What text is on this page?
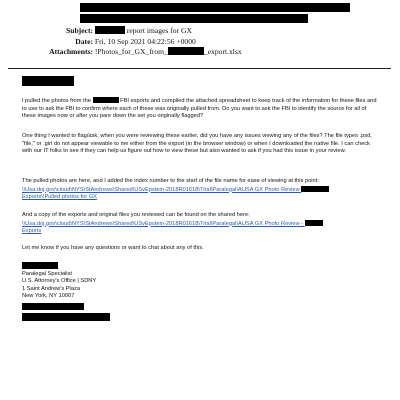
Subject:	report images for GX
Date: Fri, 10 Sep 2021 04:22:56 +0000
Attachments: !Photos_for_GX_from_	_export.xlsx

I pulled the photos from the	FBI exports and compiled the attached spreadsheet to keep track of the information for these files and to use to ask the FBI to confirm where each of these was originally pulled from. Do you want to ask the FBI to identify the source for all of these images now or after you pare down the set you originally flagged?

One thing I wanted to flag/ask, when you were reviewing these earlier, did you have any issues viewing any of the files? The file types .psd, "file," or .girl do not appear viewable to me either from the export (in the browser window) or when I downloaded the native file. I can check with our IT folks to see if they can help us figure out how to view these but also wanted to ask if you had this issue in your review.

The pulled photos are here, and I added the index number to the start of the file name for ease of viewing at this point:

\\Usa.doj.gov\cloud\NYS\StAndrews\Shared\USvEpstein-2018R01618\Trial\Paralegal\AUSA GX Photo Review
Exports\!Pulled photos for GX

And a copy of the exports and original files you reviewed can be found on the shared here:

\\Usa.doj.gov\cloud\NYS\StAndrews\Shared\USvEpstein-2018R01618\Trial\Paralegal\AUSA GX Photo Review -
Exports

Let me know if you have any questions or want to chat about any of this.

Paralegal Specialist
U.S. Attorney's Office | SDNY
1 Saint Andrew's Plaza
New York, NY 10007
